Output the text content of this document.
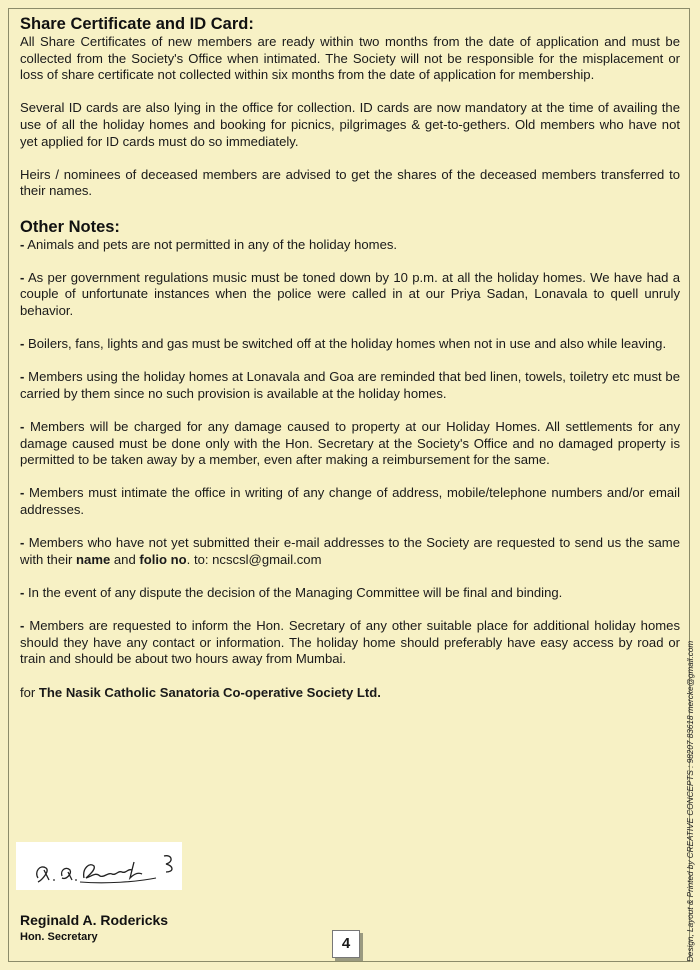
Share Certificate and ID Card:

All Share Certificates of new members are ready within two months from the date of application and must be collected from the Society's Office when intimated. The Society will not be responsible for the misplacement or loss of share certificate not collected within six months from the date of application for membership.

Several ID cards are also lying in the office for collection. ID cards are now mandatory at the time of availing the use of all the holiday homes and booking for picnics, pilgrimages & get-to-gethers. Old members who have not yet applied for ID cards must do so immediately.

Heirs / nominees of deceased members are advised to get the shares of the deceased members transferred to their names.

Other Notes:

- Animals and pets are not permitted in any of the holiday homes.

- As per government regulations music must be toned down by 10 p.m. at all the holiday homes. We have had a couple of unfortunate instances when the police were called in at our Priya Sadan, Lonavala to quell unruly behavior.

- Boilers, fans, lights and gas must be switched off at the holiday homes when not in use and also while leaving.

- Members using the holiday homes at Lonavala and Goa are reminded that bed linen, towels, toiletry etc must be carried by them since no such provision is available at the holiday homes.

- Members will be charged for any damage caused to property at our Holiday Homes. All settlements for any damage caused must be done only with the Hon. Secretary at the Society's Office and no damaged property is permitted to be taken away by a member, even after making a reimbursement for the same.

- Members must intimate the office in writing of any change of address, mobile/telephone numbers and/or email addresses.

- Members who have not yet submitted their e-mail addresses to the Society are requested to send us the same with their name and folio no. to: ncscsl@gmail.com

- In the event of any dispute the decision of the Managing Committee will be final and binding.

- Members are requested to inform the Hon. Secretary of any other suitable place for additional holiday homes should they have any contact or information. The holiday home should preferably have easy access by road or train and should be about two hours away from Mumbai.

for The Nasik Catholic Sanatoria Co-operative Society Ltd.

Reginald A. Rodericks
Hon. Secretary	4	Design, Layout & Printed by CREATIVE CONCEPTS : 98207 83618 mercke@gmail.com
